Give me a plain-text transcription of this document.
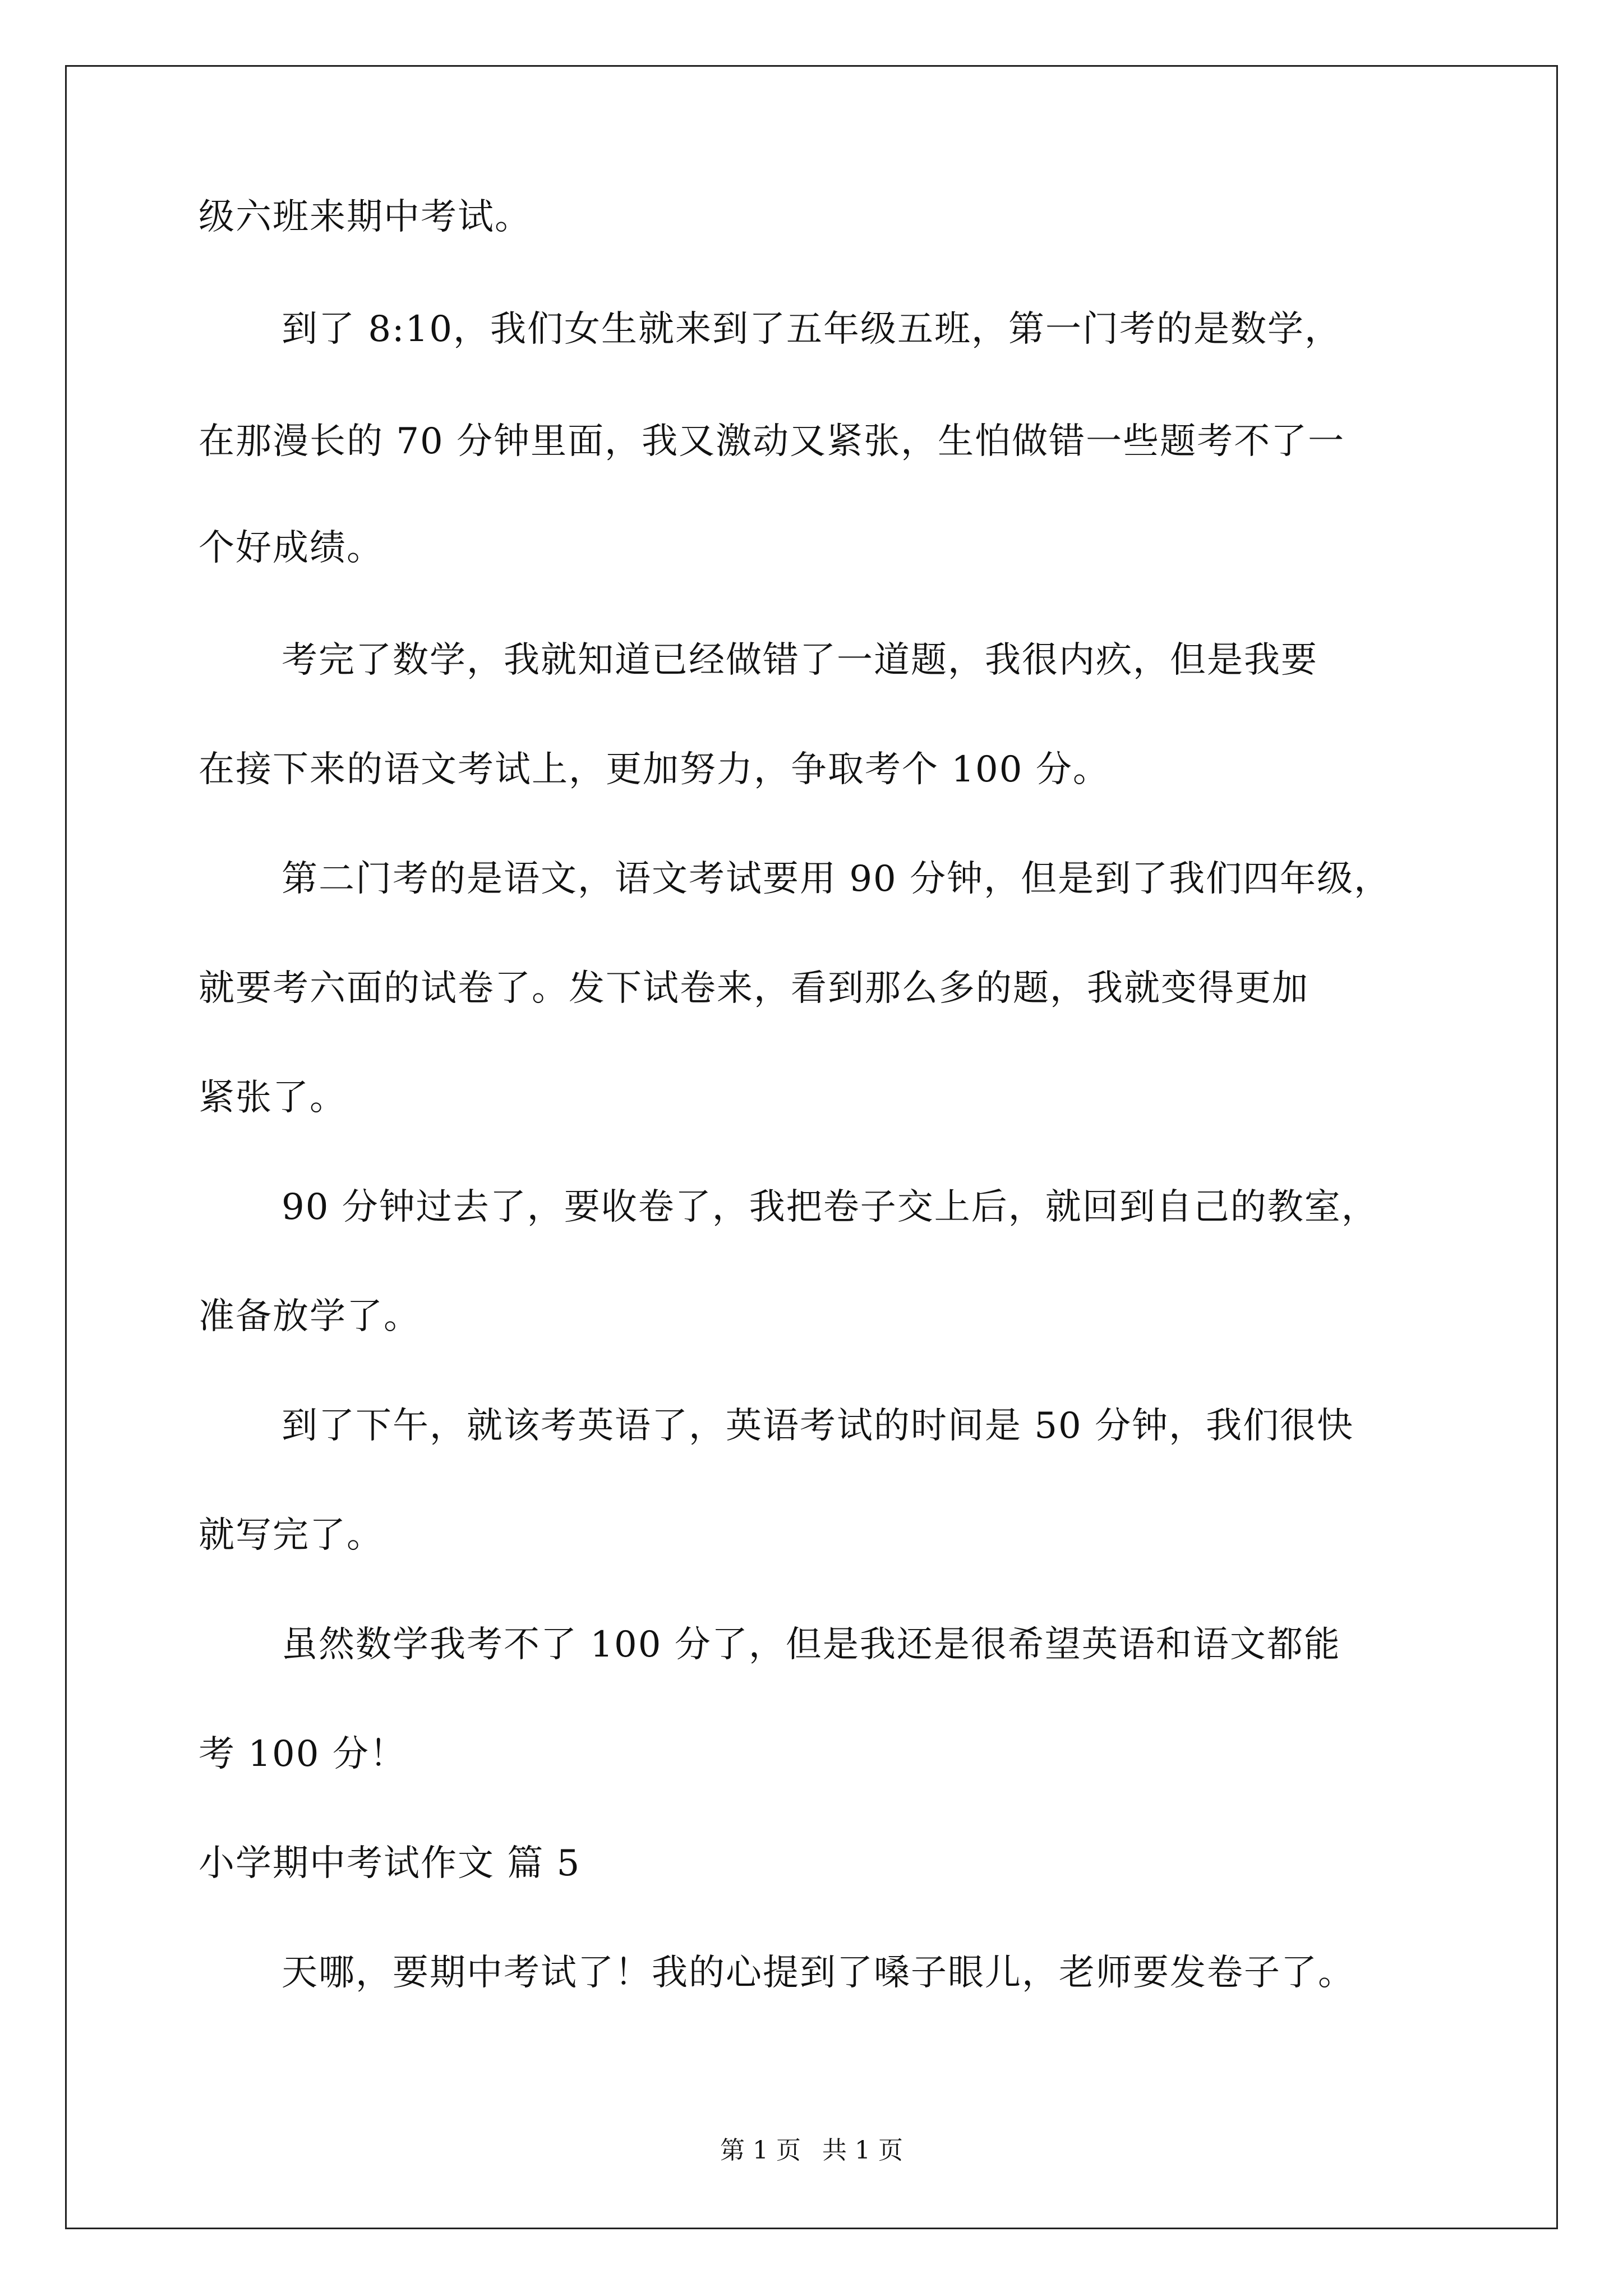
级六班来期中考试。
到了 8:10，我们女生就来到了五年级五班，第一门考的是数学，
在那漫长的 70 分钟里面，我又激动又紧张，生怕做错一些题考不了一
个好成绩。
考完了数学，我就知道已经做错了一道题，我很内疚，但是我要
在接下来的语文考试上，更加努力，争取考个 100 分。
第二门考的是语文，语文考试要用 90 分钟，但是到了我们四年级，
就要考六面的试卷了。发下试卷来，看到那么多的题，我就变得更加
紧张了。
90 分钟过去了，要收卷了，我把卷子交上后，就回到自己的教室，
准备放学了。
到了下午，就该考英语了，英语考试的时间是 50 分钟，我们很快
就写完了。
虽然数学我考不了 100 分了，但是我还是很希望英语和语文都能
考 100 分！
小学期中考试作文 篇 5
天哪，要期中考试了！我的心提到了嗓子眼儿，老师要发卷子了。
第 1 页 共 1 页
